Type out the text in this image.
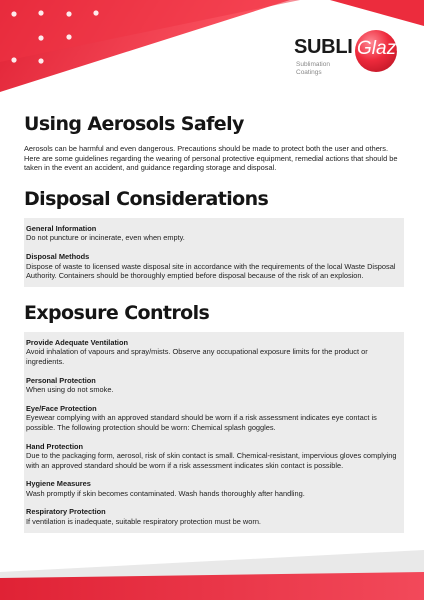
SUBLI Glaze
Sublimation
Coatings
Using Aerosols Safely

Aerosols can be harmful and even dangerous. Precautions should be made to protect both the user and others. Here are some guidelines regarding the wearing of personal protective equipment, remedial actions that should be taken in the event an accident, and guidance regarding storage and disposal.

Disposal Considerations
General Information
Do not puncture or incinerate, even when empty.
Disposal Methods
Dispose of waste to licensed waste disposal site in accordance with the requirements of the local Waste Disposal Authority. Containers should be thoroughly emptied before disposal because of the risk of an explosion.
Exposure Controls
Provide Adequate Ventilation
Avoid inhalation of vapours and spray/mists. Observe any occupational exposure limits for the product or ingredients.
Personal Protection
When using do not smoke.
Eye/Face Protection
Eyewear complying with an approved standard should be worn if a risk assessment indicates eye contact is possible. The following protection should be worn: Chemical splash goggles.
Hand Protection
Due to the packaging form, aerosol, risk of skin contact is small. Chemical-resistant, impervious gloves complying with an approved standard should be worn if a risk assessment indicates skin contact is possible.
Hygiene Measures
Wash promptly if skin becomes contaminated. Wash hands thoroughly after handling.
Respiratory Protection
If ventilation is inadequate, suitable respiratory protection must be worn.
